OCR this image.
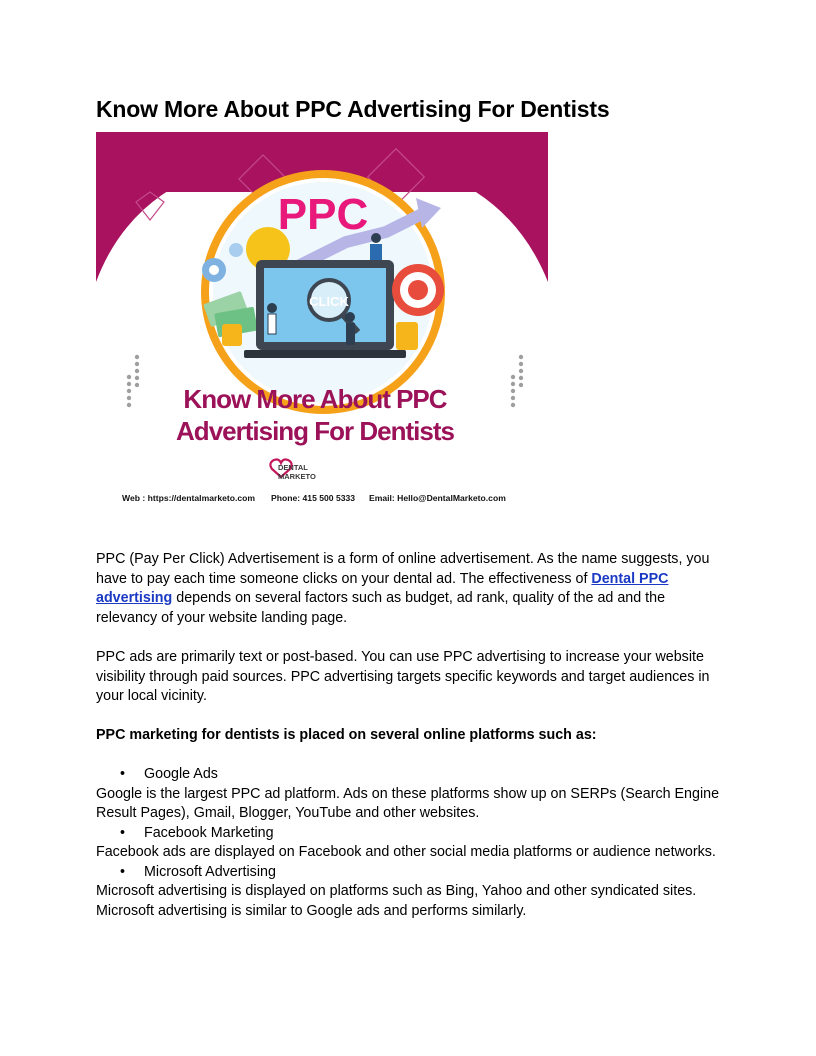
Know More About PPC Advertising For Dentists
PPC
CLICK
Know More About PPC
Advertising For Dentists
DENTAL
MARKETO
Web : https://dentalmarketo.com Phone: 415 500 5333 Email: Hello@DentalMarketo.com
PPC (Pay Per Click) Advertisement is a form of online advertisement. As the name suggests, you have to pay each time someone clicks on your dental ad. The effectiveness of Dental PPC advertising depends on several factors such as budget, ad rank, quality of the ad and the relevancy of your website landing page.
PPC ads are primarily text or post-based. You can use PPC advertising to increase your website visibility through paid sources. PPC advertising targets specific keywords and target audiences in your local vicinity.
PPC marketing for dentists is placed on several online platforms such as:
• Google Ads
Google is the largest PPC ad platform. Ads on these platforms show up on SERPs (Search Engine Result Pages), Gmail, Blogger, YouTube and other websites.
• Facebook Marketing
Facebook ads are displayed on Facebook and other social media platforms or audience networks.
• Microsoft Advertising
Microsoft advertising is displayed on platforms such as Bing, Yahoo and other syndicated sites. Microsoft advertising is similar to Google ads and performs similarly.
